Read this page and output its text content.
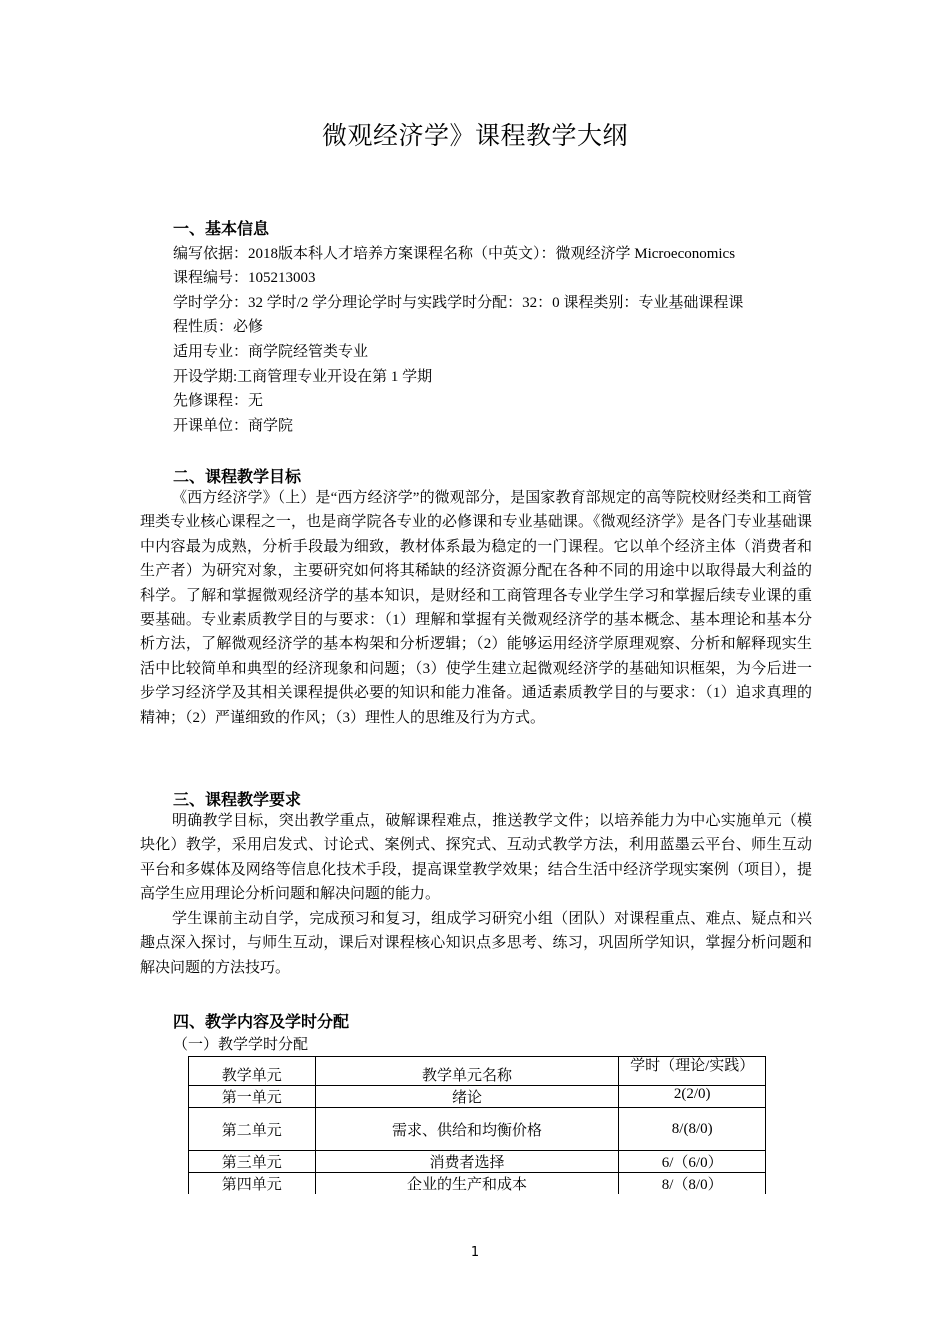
微观经济学》课程教学大纲
一、基本信息
编写依据：2018版本科人才培养方案课程名称（中英文）：微观经济学 Microeconomics
课程编号：105213003
学时学分：32 学时/2 学分理论学时与实践学时分配：32：0 课程类别：专业基础课程课
程性质：必修
适用专业：商学院经管类专业
开设学期:工商管理专业开设在第 1 学期
先修课程：无
开课单位：商学院
二、课程教学目标
《西方经济学》（上）是“西方经济学”的微观部分，是国家教育部规定的高等院校财经类和工商管理类专业核心课程之一，也是商学院各专业的必修课和专业基础课。《微观经济学》是各门专业基础课中内容最为成熟，分析手段最为细致，教材体系最为稳定的一门课程。它以单个经济主体（消费者和生产者）为研究对象，主要研究如何将其稀缺的经济资源分配在各种不同的用途中以取得最大利益的科学。了解和掌握微观经济学的基本知识，是财经和工商管理各专业学生学习和掌握后续专业课的重要基础。专业素质教学目的与要求：（1）理解和掌握有关微观经济学的基本概念、基本理论和基本分析方法，了解微观经济学的基本构架和分析逻辑；（2）能够运用经济学原理观察、分析和解释现实生活中比较简单和典型的经济现象和问题；（3）使学生建立起微观经济学的基础知识框架，为今后进一步学习经济学及其相关课程提供必要的知识和能力准备。通适素质教学目的与要求：（1）追求真理的精神；（2）严谨细致的作风；（3）理性人的思维及行为方式。
三、课程教学要求
明确教学目标，突出教学重点，破解课程难点，推送教学文件；以培养能力为中心实施单元（模块化）教学，采用启发式、讨论式、案例式、探究式、互动式教学方法，利用蓝墨云平台、师生互动平台和多媒体及网络等信息化技术手段，提高课堂教学效果；结合生活中经济学现实案例（项目），提高学生应用理论分析问题和解决问题的能力。
学生课前主动自学，完成预习和复习，组成学习研究小组（团队）对课程重点、难点、疑点和兴趣点深入探讨，与师生互动，课后对课程核心知识点多思考、练习，巩固所学知识，掌握分析问题和解决问题的方法技巧。
四、教学内容及学时分配
（一）教学学时分配
教学单元	教学单元名称	学时（理论/实践）

第一单元	绪论	2(2/0)
第二单元	需求、供给和均衡价格	8/(8/0)
第三单元	消费者选择	6/（6/0）
第四单元	企业的生产和成本	8/（8/0）
1
